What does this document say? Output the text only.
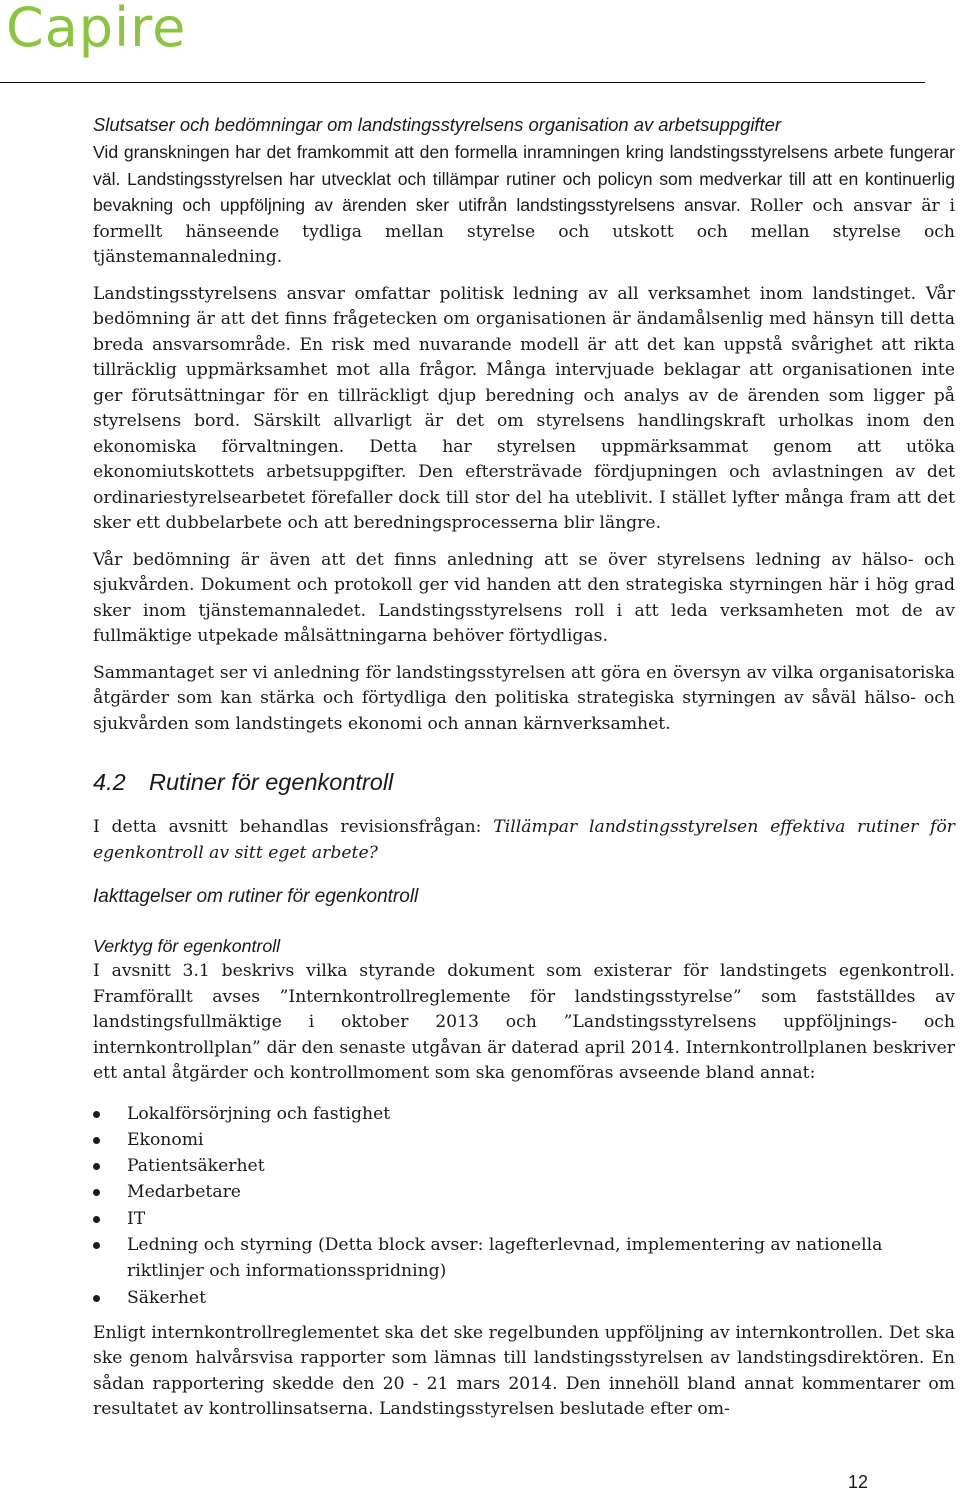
Capire

Slutsatser och bedömningar om landstingsstyrelsens organisation av arbetsuppgifter

Vid granskningen har det framkommit att den formella inramningen kring landstingsstyrelsens arbete fungerar väl. Landstingsstyrelsen har utvecklat och tillämpar rutiner och policyn som medverkar till att en kontinuerlig bevakning och uppföljning av ärenden sker utifrån landstingsstyrelsens ansvar. Roller och ansvar är i formellt hänseende tydliga mellan styrelse och utskott och mellan styrelse och tjänstemannaledning.

Landstingsstyrelsens ansvar omfattar politisk ledning av all verksamhet inom landstinget. Vår bedömning är att det finns frågetecken om organisationen är ändamålsenlig med hänsyn till detta breda ansvarsområde. En risk med nuvarande modell är att det kan uppstå svårighet att rikta tillräcklig uppmärksamhet mot alla frågor. Många intervjuade beklagar att organisationen inte ger förutsättningar för en tillräckligt djup beredning och analys av de ärenden som ligger på styrelsens bord. Särskilt allvarligt är det om styrelsens handlingskraft urholkas inom den ekonomiska förvaltningen. Detta har styrelsen uppmärksammat genom att utöka ekonomiutskottets arbetsuppgifter. Den eftersträvade fördjupningen och avlastningen av det ordinariestyrelsearbetet förefaller dock till stor del ha uteblivit. I stället lyfter många fram att det sker ett dubbelarbete och att beredningsprocesserna blir längre.

Vår bedömning är även att det finns anledning att se över styrelsens ledning av hälso- och sjukvården. Dokument och protokoll ger vid handen att den strategiska styrningen här i hög grad sker inom tjänstemannaledet. Landstingsstyrelsens roll i att leda verksamheten mot de av fullmäktige utpekade målsättningarna behöver förtydligas.

Sammantaget ser vi anledning för landstingsstyrelsen att göra en översyn av vilka organisatoriska åtgärder som kan stärka och förtydliga den politiska strategiska styrningen av såväl hälso- och sjukvården som landstingets ekonomi och annan kärnverksamhet.

4.2 Rutiner för egenkontroll

I detta avsnitt behandlas revisionsfrågan: Tillämpar landstingsstyrelsen effektiva rutiner för egenkontroll av sitt eget arbete?

Iakttagelser om rutiner för egenkontroll

Verktyg för egenkontroll

I avsnitt 3.1 beskrivs vilka styrande dokument som existerar för landstingets egenkontroll. Framförallt avses ”Internkontrollreglemente för landstingsstyrelse” som fastställdes av landstingsfullmäktige i oktober 2013 och ”Landstingsstyrelsens uppföljnings- och internkontrollplan” där den senaste utgåvan är daterad april 2014. Internkontrollplanen beskriver ett antal åtgärder och kontrollmoment som ska genomföras avseende bland annat:

Lokalförsörjning och fastighet
Ekonomi
Patientsäkerhet
Medarbetare
IT
Ledning och styrning (Detta block avser: lagefterlevnad, implementering av nationella riktlinjer och informationsspridning)
Säkerhet

Enligt internkontrollreglementet ska det ske regelbunden uppföljning av internkontrollen. Det ska ske genom halvårsvisa rapporter som lämnas till landstingsstyrelsen av landstingsdirektören. En sådan rapportering skedde den 20 - 21 mars 2014. Den innehöll bland annat kommentarer om resultatet av kontrollinsatserna. Landstingsstyrelsen beslutade efter om-

12
